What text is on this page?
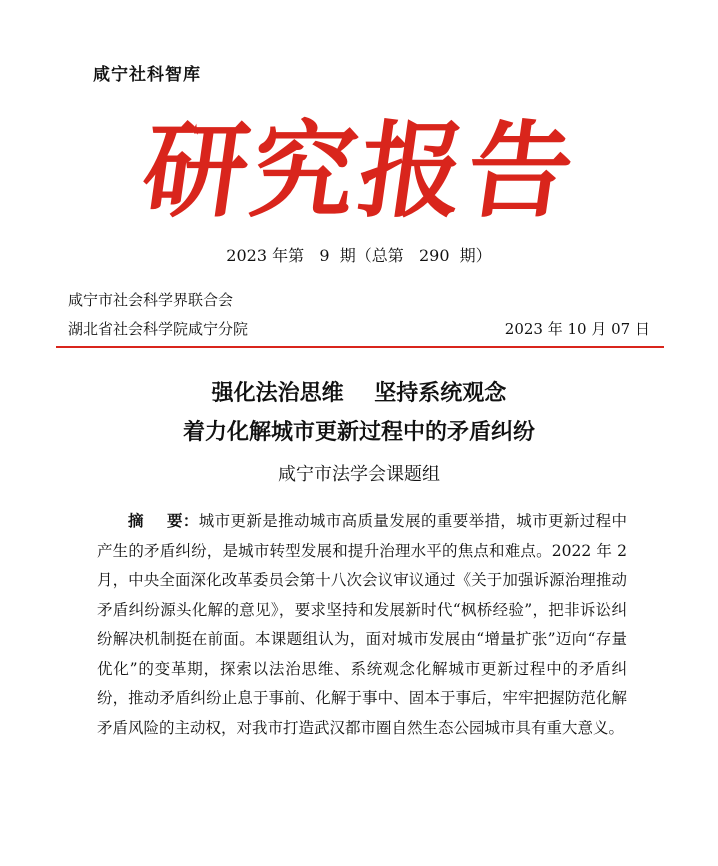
咸宁社科智库
研究报告
2023 年第   9  期（总第   290  期）
咸宁市社会科学界联合会
湖北省社会科学院咸宁分院	2023 年 10 月 07 日
强化法治思维    坚持系统观念
着力化解城市更新过程中的矛盾纠纷
咸宁市法学会课题组
摘    要：城市更新是推动城市高质量发展的重要举措，城市更新过程中产生的矛盾纠纷，是城市转型发展和提升治理水平的焦点和难点。2022 年 2 月，中央全面深化改革委员会第十八次会议审议通过《关于加强诉源治理推动矛盾纠纷源头化解的意见》，要求坚持和发展新时代“枫桥经验”，把非诉讼纠纷解决机制挺在前面。本课题组认为，面对城市发展由“增量扩张”迈向“存量优化”的变革期，探索以法治思维、系统观念化解城市更新过程中的矛盾纠纷，推动矛盾纠纷止息于事前、化解于事中、固本于事后，牢牢把握防范化解矛盾风险的主动权，对我市打造武汉都市圈自然生态公园城市具有重大意义。
